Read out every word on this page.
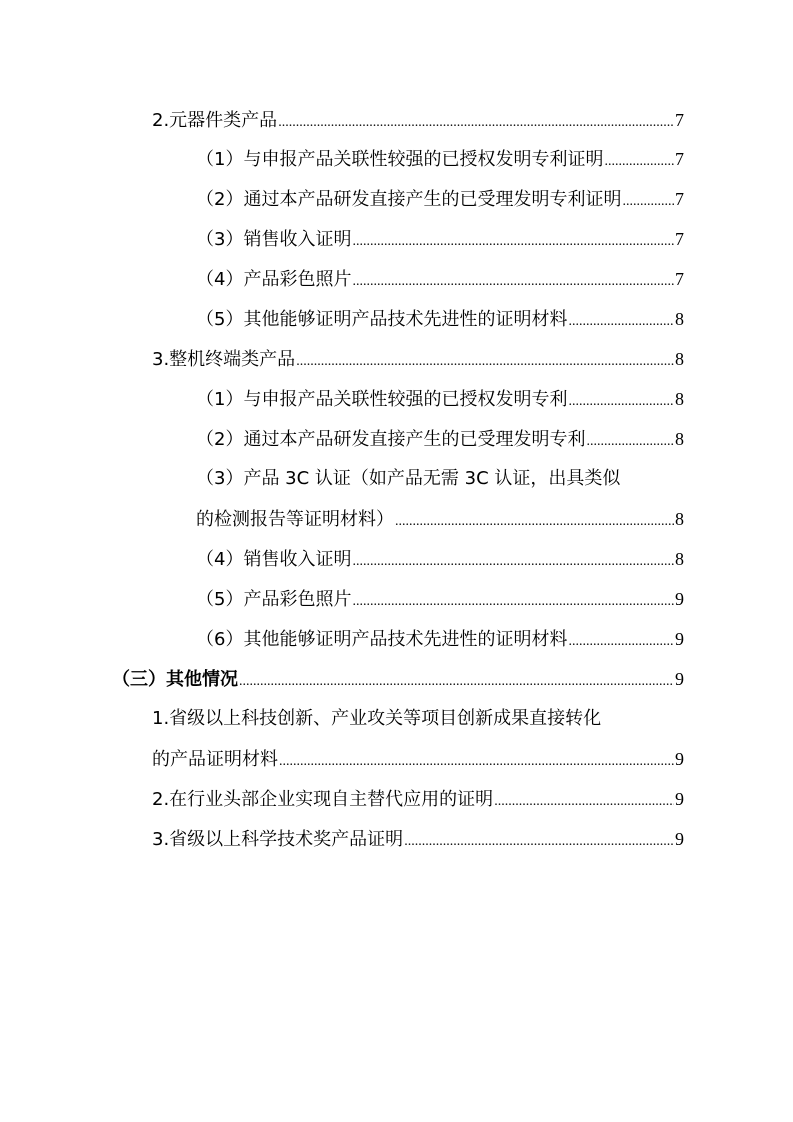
2.元器件类产品 .....	7
（1）与申报产品关联性较强的已授权发明专利证明 .....	7
（2）通过本产品研发直接产生的已受理发明专利证明 .....	7
（3）销售收入证明 .....	7
（4）产品彩色照片 .....	7
（5）其他能够证明产品技术先进性的证明材料 .....	8
3.整机终端类产品 .....	8
（1）与申报产品关联性较强的已授权发明专利 .....	8
（2）通过本产品研发直接产生的已受理发明专利 .....	8
（3）产品 3C 认证（如产品无需 3C 认证，出具类似
的检测报告等证明材料） .....	8
（4）销售收入证明 .....	8
（5）产品彩色照片 .....	9
（6）其他能够证明产品技术先进性的证明材料 .....	9
（三）其他情况 .....	9
1.省级以上科技创新、产业攻关等项目创新成果直接转化
的产品证明材料 .....	9
2.在行业头部企业实现自主替代应用的证明 .....	9
3.省级以上科学技术奖产品证明 .....	9
